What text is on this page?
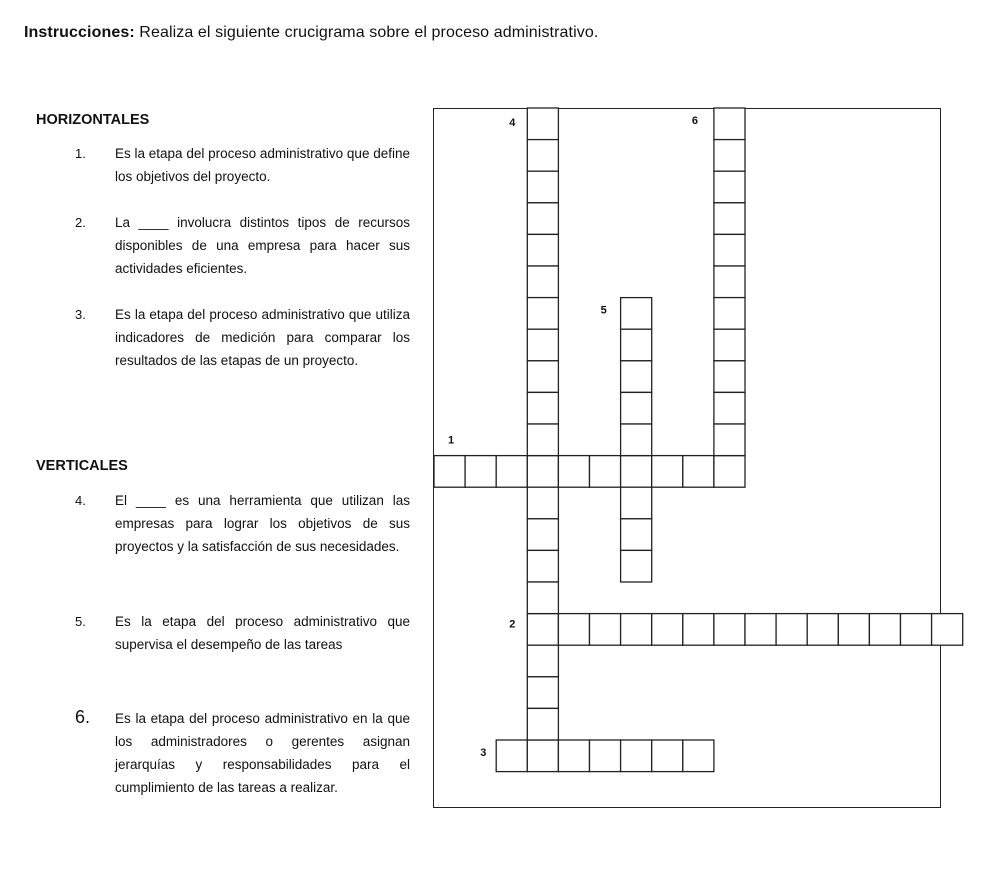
Instrucciones: Realiza el siguiente crucigrama sobre el proceso administrativo.
HORIZONTALES
1.	Es la etapa del proceso administrativo que define los objetivos del proyecto.
2.	La ____ involucra distintos tipos de recursos disponibles de una empresa para hacer sus actividades eficientes.
3.	Es la etapa del proceso administrativo que utiliza indicadores de medición para comparar los resultados de las etapas de un proyecto.
VERTICALES
4.	El ____ es una herramienta que utilizan las empresas para lograr los objetivos de sus proyectos y la satisfacción de sus necesidades.
5.	Es la etapa del proceso administrativo que supervisa el desempeño de las tareas
6.	Es la etapa del proceso administrativo en la que los administradores o gerentes asignan jerarquías y responsabilidades para el cumplimiento de las tareas a realizar.
1
2
3
4
5
6
